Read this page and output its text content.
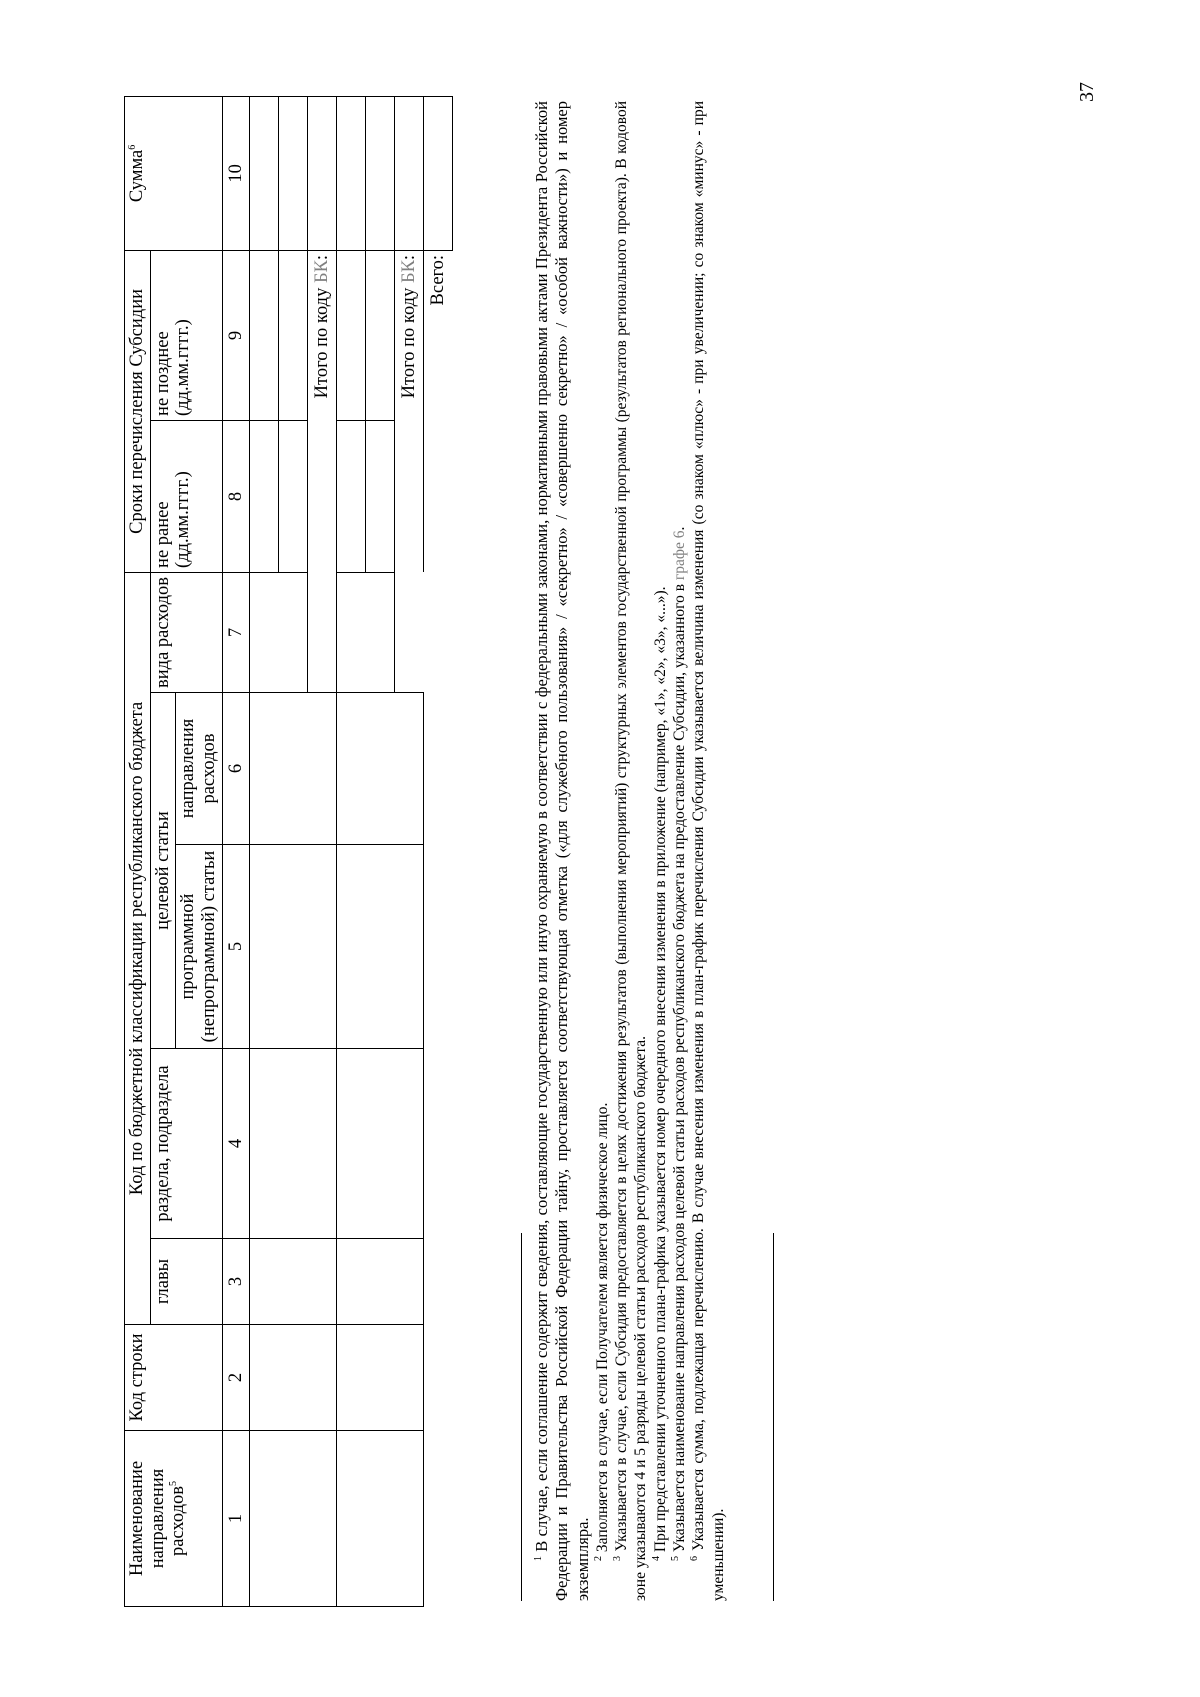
Наименование направления расходов$^5$	Код строки	Код по бюджетной классификации республиканского бюджета					Сроки перечисления Субсидии		Сумма$^6$
		главы	раздела, подраздела	целевой статьи		вида расходов	не ранее (дд.мм.гггг.)	не позднее (дд.мм.гггг.)	
				программной (непрограммной) статьи	направления расходов				
1	2	3	4	5	6	7	8	9	10

							Итого по коду БК:		

							Итого по коду БК:		
							Всего:		

$^1$ В случае, если соглашение содержит сведения, составляющие государственную или иную охраняемую в соответствии с федеральными законами, нормативными правовыми актами Президента Российской Федерации и Правительства Российской Федерации тайну, проставляется соответствующая отметка («для служебного пользования» / «секретно» / «совершенно секретно» / «особой важности») и номер экземпляра. $^2$ Заполняется в случае, если Получателем является физическое лицо.

$^3$ Указывается в случае, если Субсидия предоставляется в целях достижения результатов (выполнения мероприятий) структурных элементов государственной программы (результатов регионального проекта). В кодовой зоне указываются 4 и 5 разряды целевой статьи расходов республиканского бюджета. $^4$ При представлении уточненного плана-графика указывается номер очередного внесения изменения в приложение (например, «1», «2», «3», «...»).

$^5$ Указывается наименование направления расходов целевой статьи расходов республиканского бюджета на предоставление Субсидии, указанного в графе 6.

$^6$ Указывается сумма, подлежащая перечислению. В случае внесения изменения в план-график перечисления Субсидии указывается величина изменения (со знаком «плюс» - при увеличении; со знаком «минус» - при уменьшении).

37
